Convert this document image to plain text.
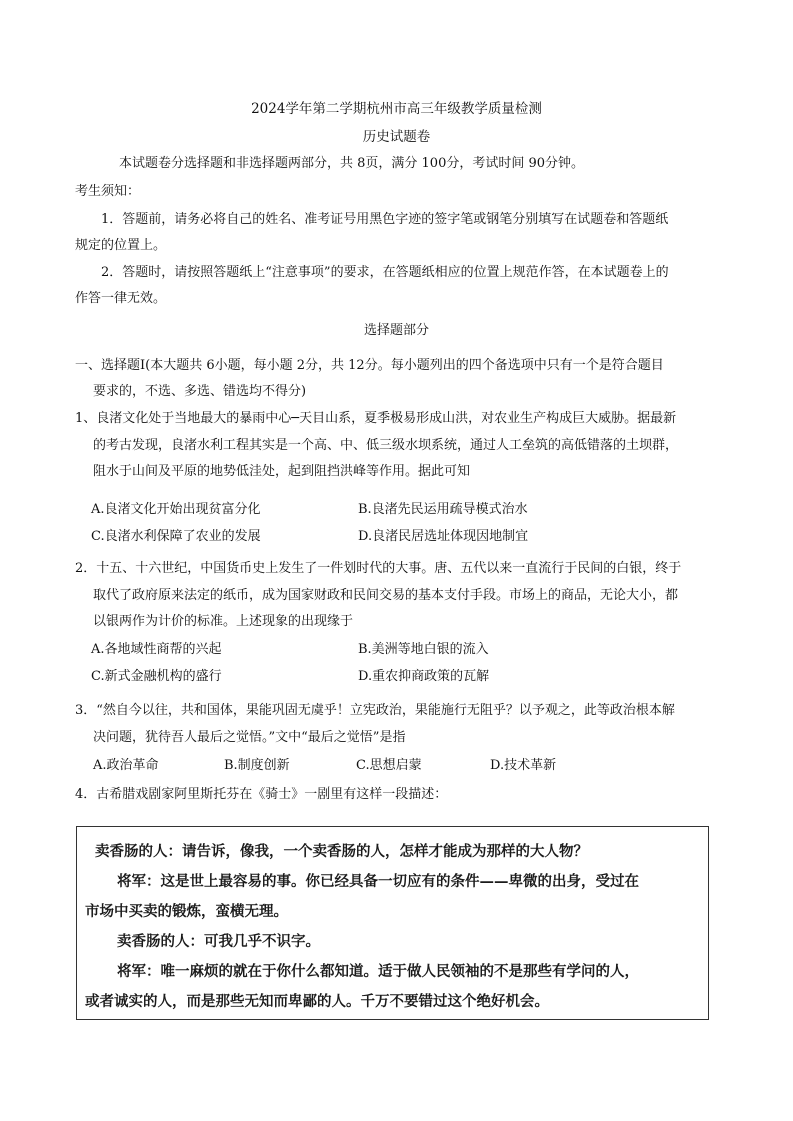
2024学年第二学期杭州市高三年级教学质量检测
历史试题卷
本试题卷分选择题和非选择题两部分，共 8页，满分 100分，考试时间 90分钟。
考生须知：
1．答题前，请务必将自己的姓名、准考证号用黑色字迹的签字笔或钢笔分别填写在试题卷和答题纸
规定的位置上。
2．答题时，请按照答题纸上“注意事项”的要求，在答题纸相应的位置上规范作答，在本试题卷上的
作答一律无效。
选择题部分
一、选择题Ⅰ(本大题共 6小题，每小题 2分，共 12分。每小题列出的四个备选项中只有一个是符合题目
要求的，不选、多选、错选均不得分)
1、良渚文化处于当地最大的暴雨中心─天目山系，夏季极易形成山洪，对农业生产构成巨大威胁。据最新
的考古发现，良渚水利工程其实是一个高、中、低三级水坝系统，通过人工垒筑的高低错落的土坝群，
阻水于山间及平原的地势低洼处，起到阻挡洪峰等作用。据此可知
A.良渚文化开始出现贫富分化	B.良渚先民运用疏导模式治水
C.良渚水利保障了农业的发展	D.良渚民居选址体现因地制宜
2．十五、十六世纪，中国货币史上发生了一件划时代的大事。唐、五代以来一直流行于民间的白银，终于
取代了政府原来法定的纸币，成为国家财政和民间交易的基本支付手段。市场上的商品，无论大小，都
以银两作为计价的标准。上述现象的出现缘于
A.各地域性商帮的兴起	B.美洲等地白银的流入
C.新式金融机构的盛行	D.重农抑商政策的瓦解
3．“然自今以往，共和国体，果能巩固无虞乎！立宪政治，果能施行无阻乎？以予观之，此等政治根本解
决问题，犹待吾人最后之觉悟。”文中“最后之觉悟”是指
A.政治革命	B.制度创新	C.思想启蒙	D.技术革新
4．古希腊戏剧家阿里斯托芬在《骑士》一剧里有这样一段描述：
卖香肠的人：请告诉，像我，一个卖香肠的人，怎样才能成为那样的大人物？
将军：这是世上最容易的事。你已经具备一切应有的条件——卑微的出身，受过在
市场中买卖的锻炼，蛮横无理。
卖香肠的人：可我几乎不识字。
将军：唯一麻烦的就在于你什么都知道。适于做人民领袖的不是那些有学问的人，
或者诚实的人，而是那些无知而卑鄙的人。千万不要错过这个绝好机会。
